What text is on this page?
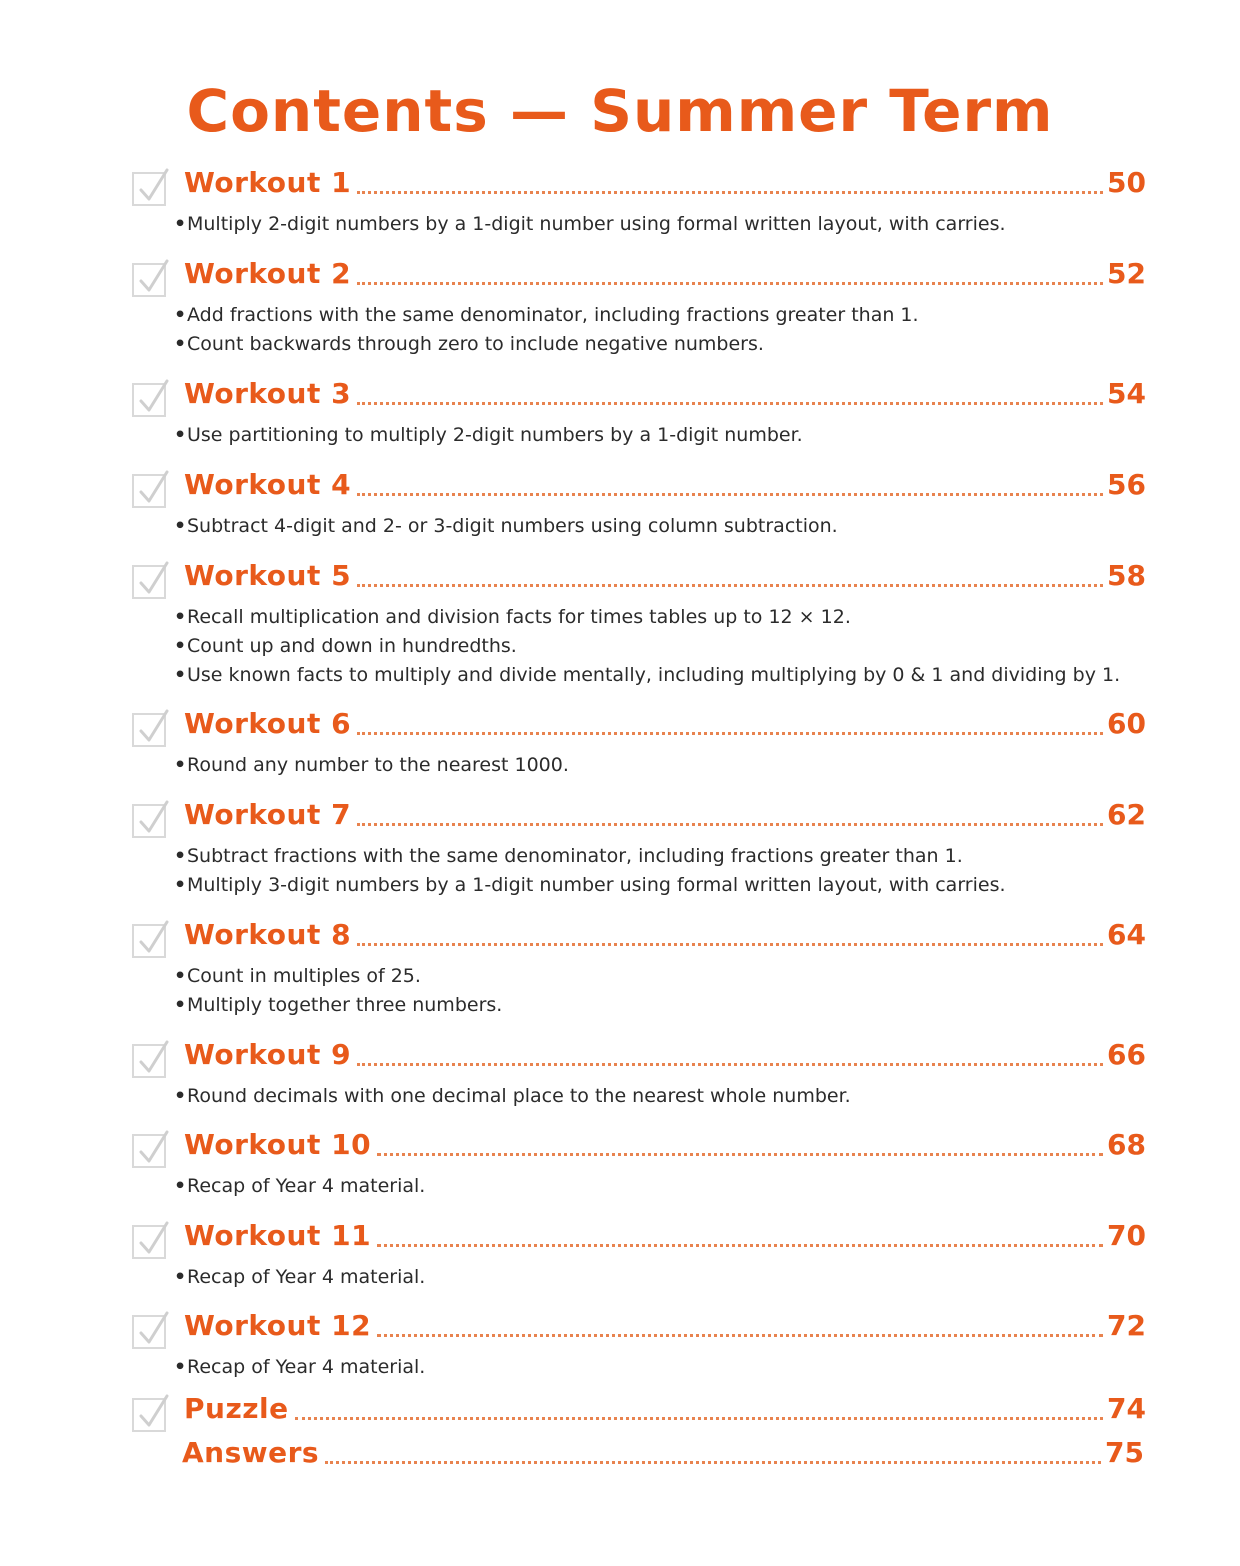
Contents — Summer Term
Workout 1	50
•Multiply 2-digit numbers by a 1-digit number using formal written layout, with carries.
Workout 2	52
•Add fractions with the same denominator, including fractions greater than 1.
•Count backwards through zero to include negative numbers.
Workout 3	54
•Use partitioning to multiply 2-digit numbers by a 1-digit number.
Workout 4	56
•Subtract 4-digit and 2- or 3-digit numbers using column subtraction.
Workout 5	58
•Recall multiplication and division facts for times tables up to 12 × 12.
•Count up and down in hundredths.
•Use known facts to multiply and divide mentally, including multiplying by 0 & 1 and dividing by 1.
Workout 6	60
•Round any number to the nearest 1000.
Workout 7	62
•Subtract fractions with the same denominator, including fractions greater than 1.
•Multiply 3-digit numbers by a 1-digit number using formal written layout, with carries.
Workout 8	64
•Count in multiples of 25.
•Multiply together three numbers.
Workout 9	66
•Round decimals with one decimal place to the nearest whole number.
Workout 10	68
•Recap of Year 4 material.
Workout 11	70
•Recap of Year 4 material.
Workout 12	72
•Recap of Year 4 material.
Puzzle	74
Answers	75
